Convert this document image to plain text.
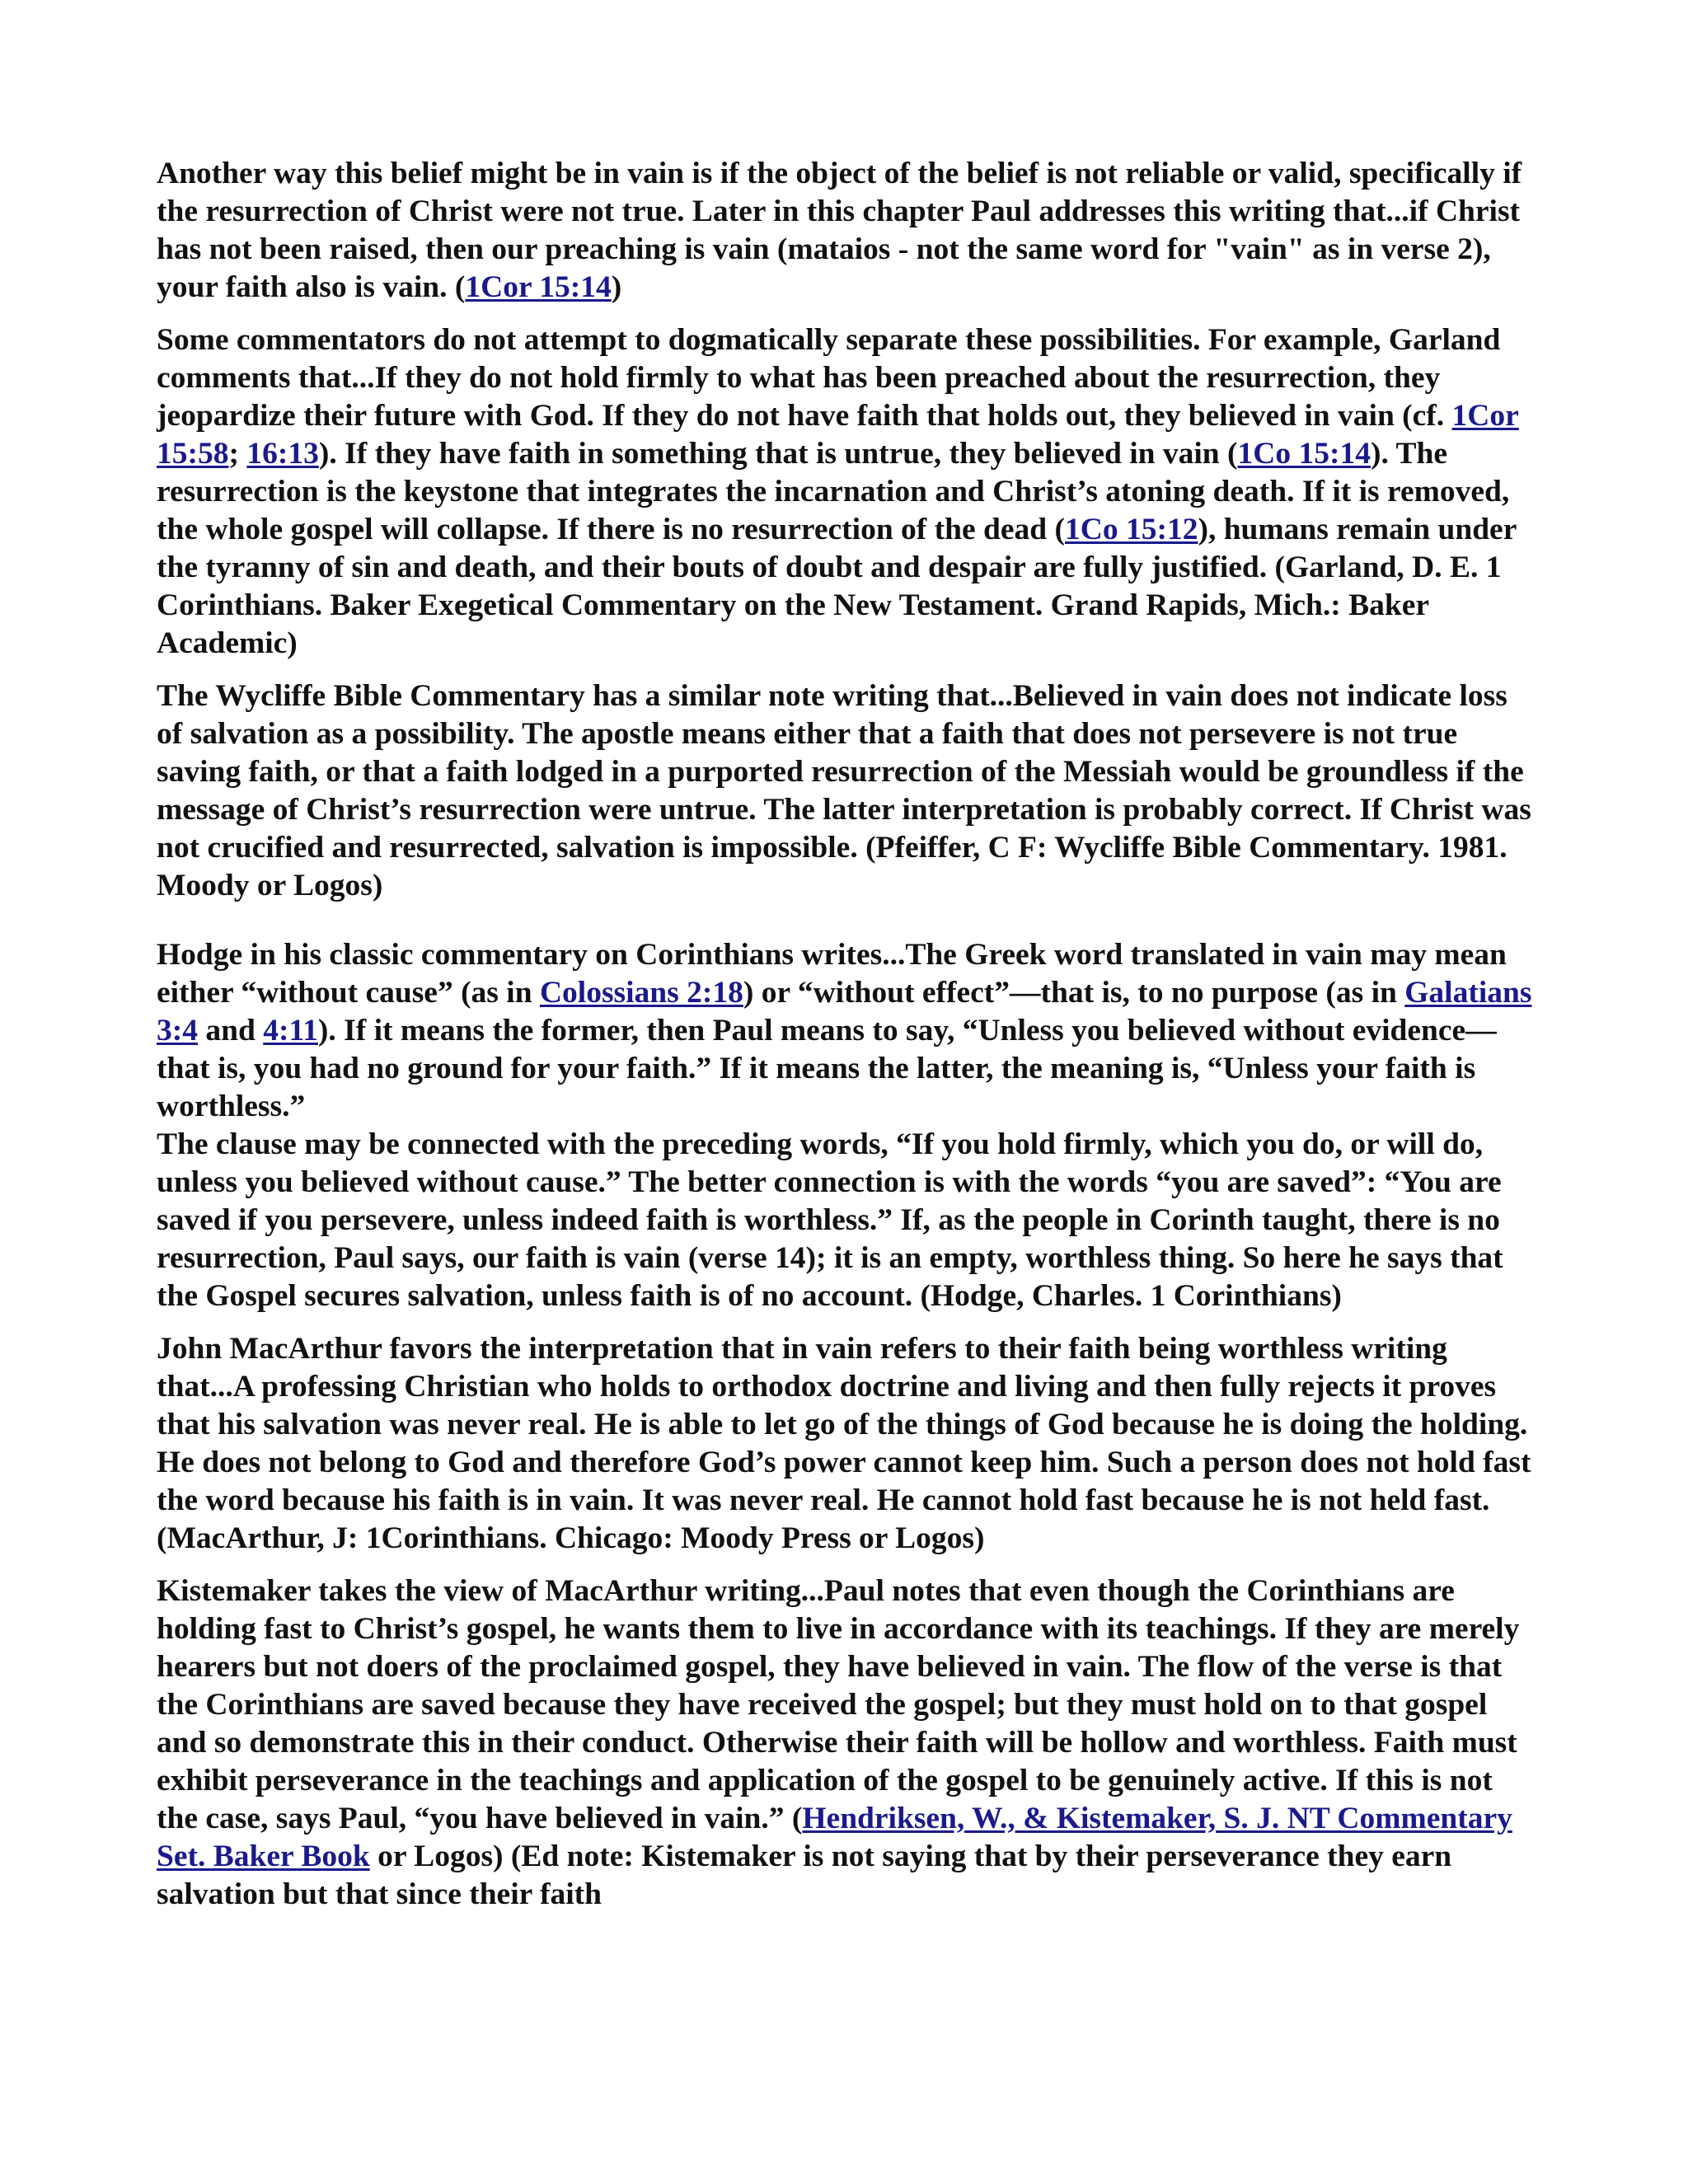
Another way this belief might be in vain is if the object of the belief is not reliable or valid, specifically if the resurrection of Christ were not true. Later in this chapter Paul addresses this writing that...if Christ has not been raised, then our preaching is vain (mataios - not the same word for "vain" as in verse 2), your faith also is vain. (1Cor 15:14)

Some commentators do not attempt to dogmatically separate these possibilities. For example, Garland comments that...If they do not hold firmly to what has been preached about the resurrection, they jeopardize their future with God. If they do not have faith that holds out, they believed in vain (cf. 1Cor 15:58; 16:13). If they have faith in something that is untrue, they believed in vain (1Co 15:14). The resurrection is the keystone that integrates the incarnation and Christ’s atoning death. If it is removed, the whole gospel will collapse. If there is no resurrection of the dead (1Co 15:12), humans remain under the tyranny of sin and death, and their bouts of doubt and despair are fully justified. (Garland, D. E. 1 Corinthians. Baker Exegetical Commentary on the New Testament. Grand Rapids, Mich.: Baker Academic)

The Wycliffe Bible Commentary has a similar note writing that...Believed in vain does not indicate loss of salvation as a possibility. The apostle means either that a faith that does not persevere is not true saving faith, or that a faith lodged in a purported resurrection of the Messiah would be groundless if the message of Christ’s resurrection were untrue. The latter interpretation is probably correct. If Christ was not crucified and resurrected, salvation is impossible. (Pfeiffer, C F: Wycliffe Bible Commentary. 1981. Moody or Logos)

Hodge in his classic commentary on Corinthians writes...The Greek word translated in vain may mean either “without cause” (as in Colossians 2:18) or “without effect”—that is, to no purpose (as in Galatians 3:4 and 4:11). If it means the former, then Paul means to say, “Unless you believed without evidence—that is, you had no ground for your faith.” If it means the latter, the meaning is, “Unless your faith is worthless.”

The clause may be connected with the preceding words, “If you hold firmly, which you do, or will do, unless you believed without cause.” The better connection is with the words “you are saved”: “You are saved if you persevere, unless indeed faith is worthless.” If, as the people in Corinth taught, there is no resurrection, Paul says, our faith is vain (verse 14); it is an empty, worthless thing. So here he says that the Gospel secures salvation, unless faith is of no account. (Hodge, Charles. 1 Corinthians)

John MacArthur favors the interpretation that in vain refers to their faith being worthless writing that...A professing Christian who holds to orthodox doctrine and living and then fully rejects it proves that his salvation was never real. He is able to let go of the things of God because he is doing the holding. He does not belong to God and therefore God’s power cannot keep him. Such a person does not hold fast the word because his faith is in vain. It was never real. He cannot hold fast because he is not held fast. (MacArthur, J: 1Corinthians. Chicago: Moody Press or Logos)

Kistemaker takes the view of MacArthur writing...Paul notes that even though the Corinthians are holding fast to Christ’s gospel, he wants them to live in accordance with its teachings. If they are merely hearers but not doers of the proclaimed gospel, they have believed in vain. The flow of the verse is that the Corinthians are saved because they have received the gospel; but they must hold on to that gospel and so demonstrate this in their conduct. Otherwise their faith will be hollow and worthless. Faith must exhibit perseverance in the teachings and application of the gospel to be genuinely active. If this is not the case, says Paul, “you have believed in vain.” (Hendriksen, W., & Kistemaker, S. J. NT Commentary Set. Baker Book or Logos) (Ed note: Kistemaker is not saying that by their perseverance they earn salvation but that since their faith
